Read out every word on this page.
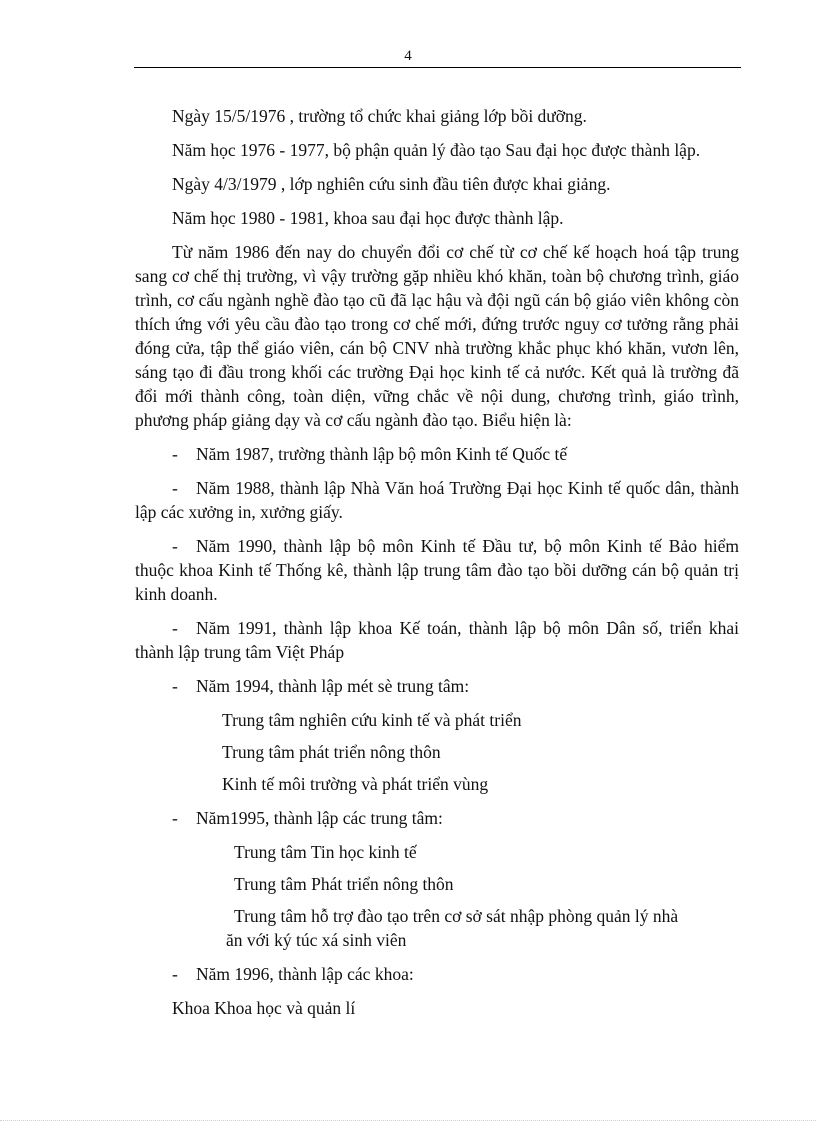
4

Ngày 15/5/1976 , trường tổ chức khai giảng lớp bồi dưỡng.

Năm học 1976 - 1977, bộ phận quản lý đào tạo Sau đại học được thành lập.

Ngày 4/3/1979 , lớp nghiên cứu sinh đầu tiên được khai giảng.

Năm học 1980 - 1981, khoa sau đại học được thành lập.

Từ năm 1986 đến nay do chuyển đổi cơ chế từ cơ chế kế hoạch hoá tập trung sang cơ chế thị trường, vì vậy trường gặp nhiều khó khăn, toàn bộ chương trình, giáo trình, cơ cấu ngành nghề đào tạo cũ đã lạc hậu và đội ngũ cán bộ giáo viên không còn thích ứng với yêu cầu đào tạo trong cơ chế mới, đứng trước nguy cơ tưởng rằng phải đóng cửa, tập thể giáo viên, cán bộ CNV nhà trường khắc phục khó khăn, vươn lên, sáng tạo đi đầu trong khối các trường Đại học kinh tế cả nước. Kết quả là trường đã đổi mới thành công, toàn diện, vững chắc về nội dung, chương trình, giáo trình, phương pháp giảng dạy và cơ cấu ngành đào tạo. Biểu hiện là:

- Năm 1987, trường thành lập bộ môn Kinh tế Quốc tế

- Năm 1988, thành lập Nhà Văn hoá Trường Đại học Kinh tế quốc dân, thành lập các xưởng in, xưởng giấy.

- Năm 1990, thành lập bộ môn Kinh tế Đầu tư, bộ môn Kinh tế Bảo hiểm thuộc khoa Kinh tế Thống kê, thành lập trung tâm đào tạo bồi dưỡng cán bộ quản trị kinh doanh.

- Năm 1991, thành lập khoa Kế toán, thành lập bộ môn Dân số, triển khai thành lập trung tâm Việt Pháp

- Năm 1994, thành lập mét sè trung tâm:

Trung tâm nghiên cứu kinh tế và phát triển

Trung tâm phát triển nông thôn

Kinh tế môi trường và phát triển vùng

- Năm1995, thành lập các trung tâm:

Trung tâm Tin học kinh tế

Trung tâm Phát triển nông thôn

Trung tâm hỗ trợ đào tạo trên cơ sở sát nhập phòng quản lý nhà
ăn với ký túc xá sinh viên

- Năm 1996, thành lập các khoa:

Khoa Khoa học và quản lí
